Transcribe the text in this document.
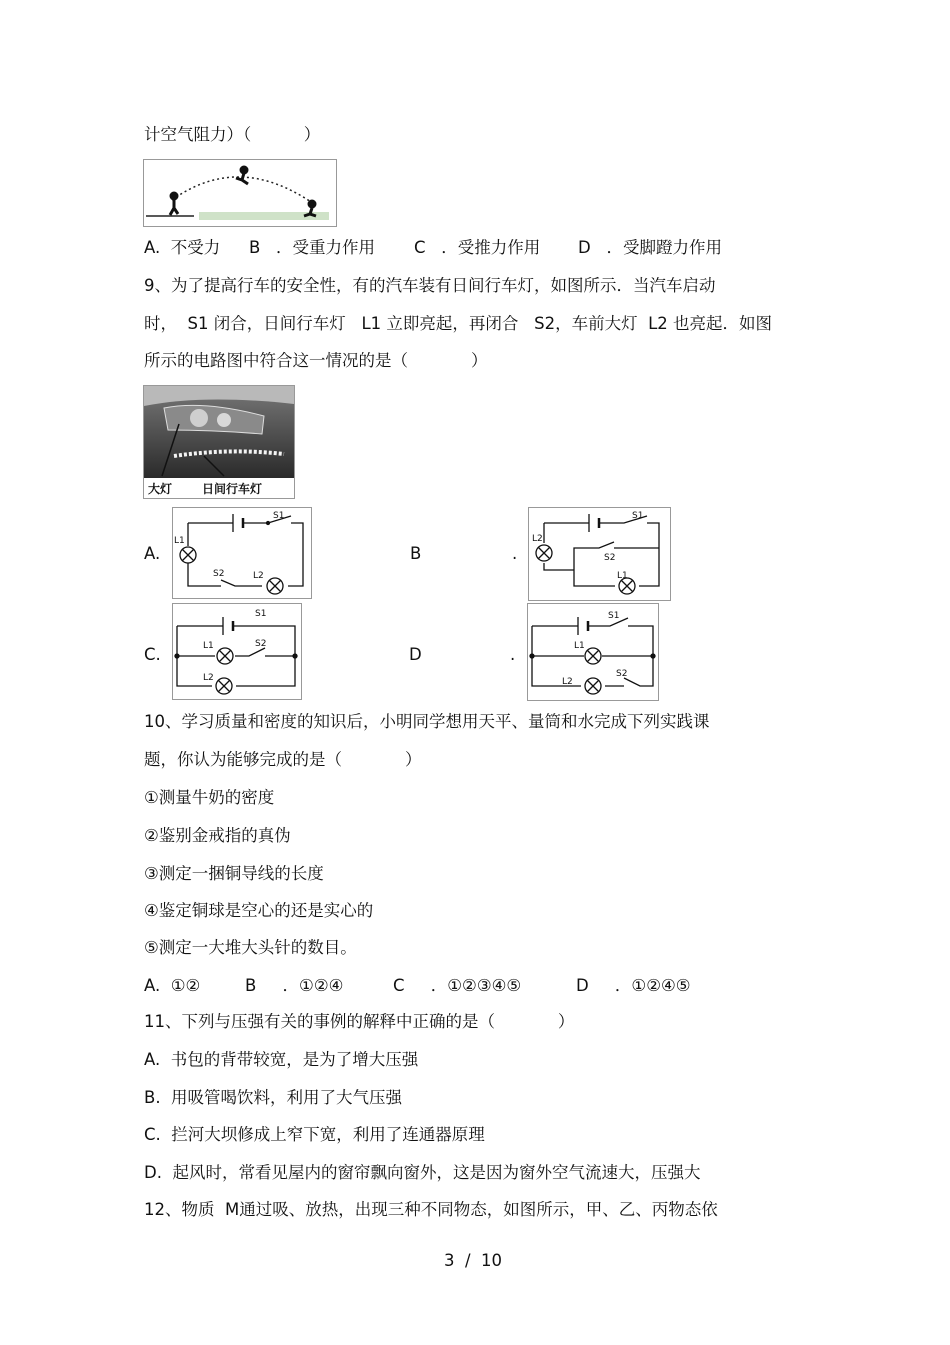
计空气阻力）（          ）
A.  不受力 B   ．受重力作用 C   ．受推力作用 D   ．受脚蹬力作用
9、为了提高行车的安全性，有的汽车装有日间行车灯，如图所示．当汽车启动
时，  S1 闭合，日间行车灯   L1 立即亮起，再闭合   S2，车前大灯  L2 也亮起．如图
所示的电路图中符合这一情况的是（            ）
大灯 日间行车灯
A.	B	.
C.	D	.
S1
S2
L1
L2
S1
S2
L2
L1
S1
S2
L1
L2
S1
S2
L1
L2
10、学习质量和密度的知识后，小明同学想用天平、量筒和水完成下列实践课
题，你认为能够完成的是（            ）
①测量牛奶的密度
②鉴别金戒指的真伪
③测定一捆铜导线的长度
④鉴定铜球是空心的还是实心的
⑤测定一大堆大头针的数目。
A.  ①②	B     ．①②④	C     ．①②③④⑤	D     ．①②④⑤
11、下列与压强有关的事例的解释中正确的是（            ）
A.  书包的背带较宽，是为了增大压强
B.  用吸管喝饮料，利用了大气压强
C.  拦河大坝修成上窄下宽，利用了连通器原理
D.  起风时，常看见屋内的窗帘飘向窗外，这是因为窗外空气流速大，压强大
12、物质  M通过吸、放热，出现三种不同物态，如图所示，甲、乙、丙物态依
3  /  10
